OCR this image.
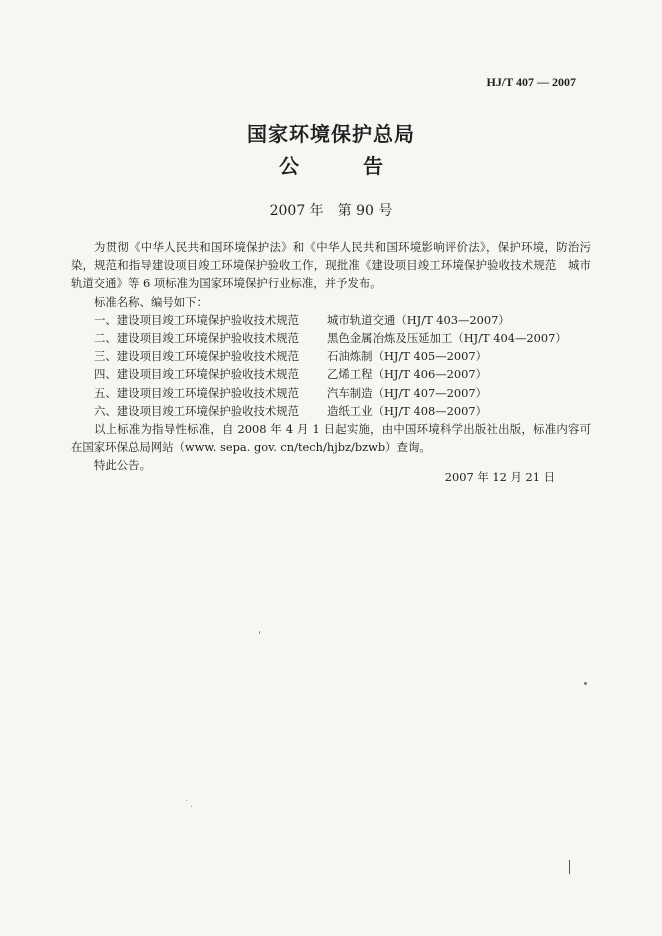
HJ/T 407 — 2007
国家环境保护总局
公告
2007 年　第 90 号

为贯彻《中华人民共和国环境保护法》和《中华人民共和国环境影响评价法》，保护环境，防治污染，规范和指导建设项目竣工环境保护验收工作，现批准《建设项目竣工环境保护验收技术规范　城市轨道交通》等 6 项标准为国家环境保护行业标准，并予发布。

标准名称、编号如下：

一、建设项目竣工环境保护验收技术规范 城市轨道交通（HJ/T 403—2007）
二、建设项目竣工环境保护验收技术规范 黑色金属冶炼及压延加工（HJ/T 404—2007）
三、建设项目竣工环境保护验收技术规范 石油炼制（HJ/T 405—2007）
四、建设项目竣工环境保护验收技术规范 乙烯工程（HJ/T 406—2007）
五、建设项目竣工环境保护验收技术规范 汽车制造（HJ/T 407—2007）
六、建设项目竣工环境保护验收技术规范 造纸工业（HJ/T 408—2007）

以上标准为指导性标准，自 2008 年 4 月 1 日起实施，由中国环境科学出版社出版，标准内容可在国家环保总局网站（www. sepa. gov. cn/tech/hjbz/bzwb）查询。

特此公告。

2007 年 12 月 21 日
